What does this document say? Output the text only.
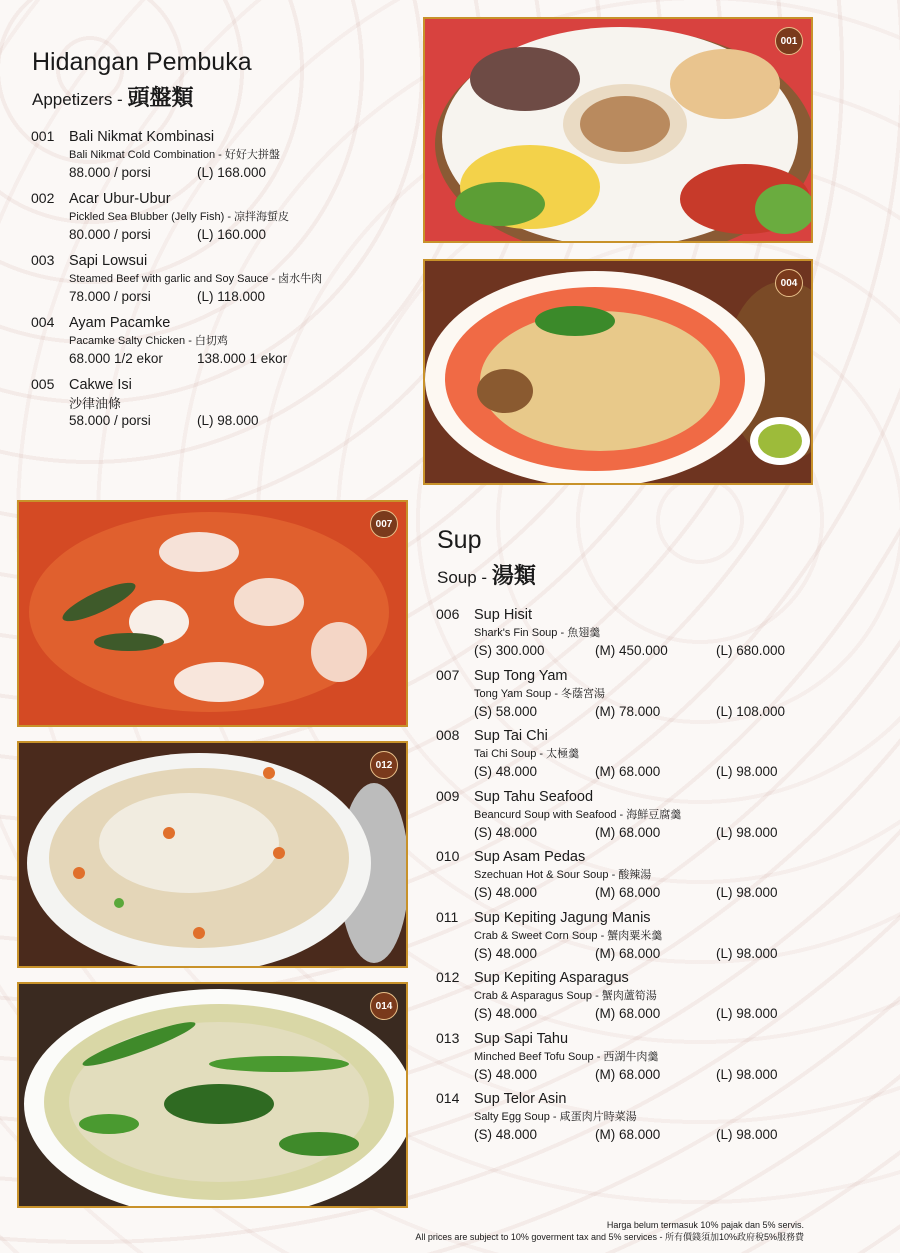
Hidangan Pembuka
Appetizers - 頭盤類
001 Bali Nikmat Kombinasi
Bali Nikmat Cold Combination - 好好大拼盤
88.000 / porsi	(L) 168.000
002 Acar Ubur-Ubur
Pickled Sea Blubber (Jelly Fish) - 凉拌海蜇皮
80.000 / porsi	(L) 160.000
003 Sapi Lowsui
Steamed Beef with garlic and Soy Sauce - 卤水牛肉
78.000 / porsi	(L) 118.000
004 Ayam Pacamke
Pacamke Salty Chicken - 白切鸡
68.000 1/2 ekor	138.000 1 ekor
005 Cakwe Isi
沙律油條
58.000 / porsi	(L) 98.000
001
004
007
012
014
Sup
Soup - 湯類
006 Sup Hisit
Shark's Fin Soup - 魚翅羹
(S) 300.000	(M) 450.000	(L) 680.000
007 Sup Tong Yam
Tong Yam Soup - 冬蔭宮湯
(S) 58.000	(M) 78.000	(L) 108.000
008 Sup Tai Chi
Tai Chi Soup - 太極羹
(S) 48.000	(M) 68.000	(L) 98.000
009 Sup Tahu Seafood
Beancurd Soup with Seafood - 海鮮豆腐羹
(S) 48.000	(M) 68.000	(L) 98.000
010 Sup Asam Pedas
Szechuan Hot & Sour Soup - 酸辣湯
(S) 48.000	(M) 68.000	(L) 98.000
011 Sup Kepiting Jagung Manis
Crab & Sweet Corn Soup - 蟹肉粟米羹
(S) 48.000	(M) 68.000	(L) 98.000
012 Sup Kepiting Asparagus
Crab & Asparagus Soup - 蟹肉蘆筍湯
(S) 48.000	(M) 68.000	(L) 98.000
013 Sup Sapi Tahu
Minched Beef Tofu Soup - 西湖牛肉羹
(S) 48.000	(M) 68.000	(L) 98.000
014 Sup Telor Asin
Salty Egg Soup - 咸蛋肉片時菜湯
(S) 48.000	(M) 68.000	(L) 98.000
Harga belum termasuk 10% pajak dan 5% servis.
All prices are subject to 10% goverment tax and 5% services - 所有價錢須加10%政府稅5%服務費
